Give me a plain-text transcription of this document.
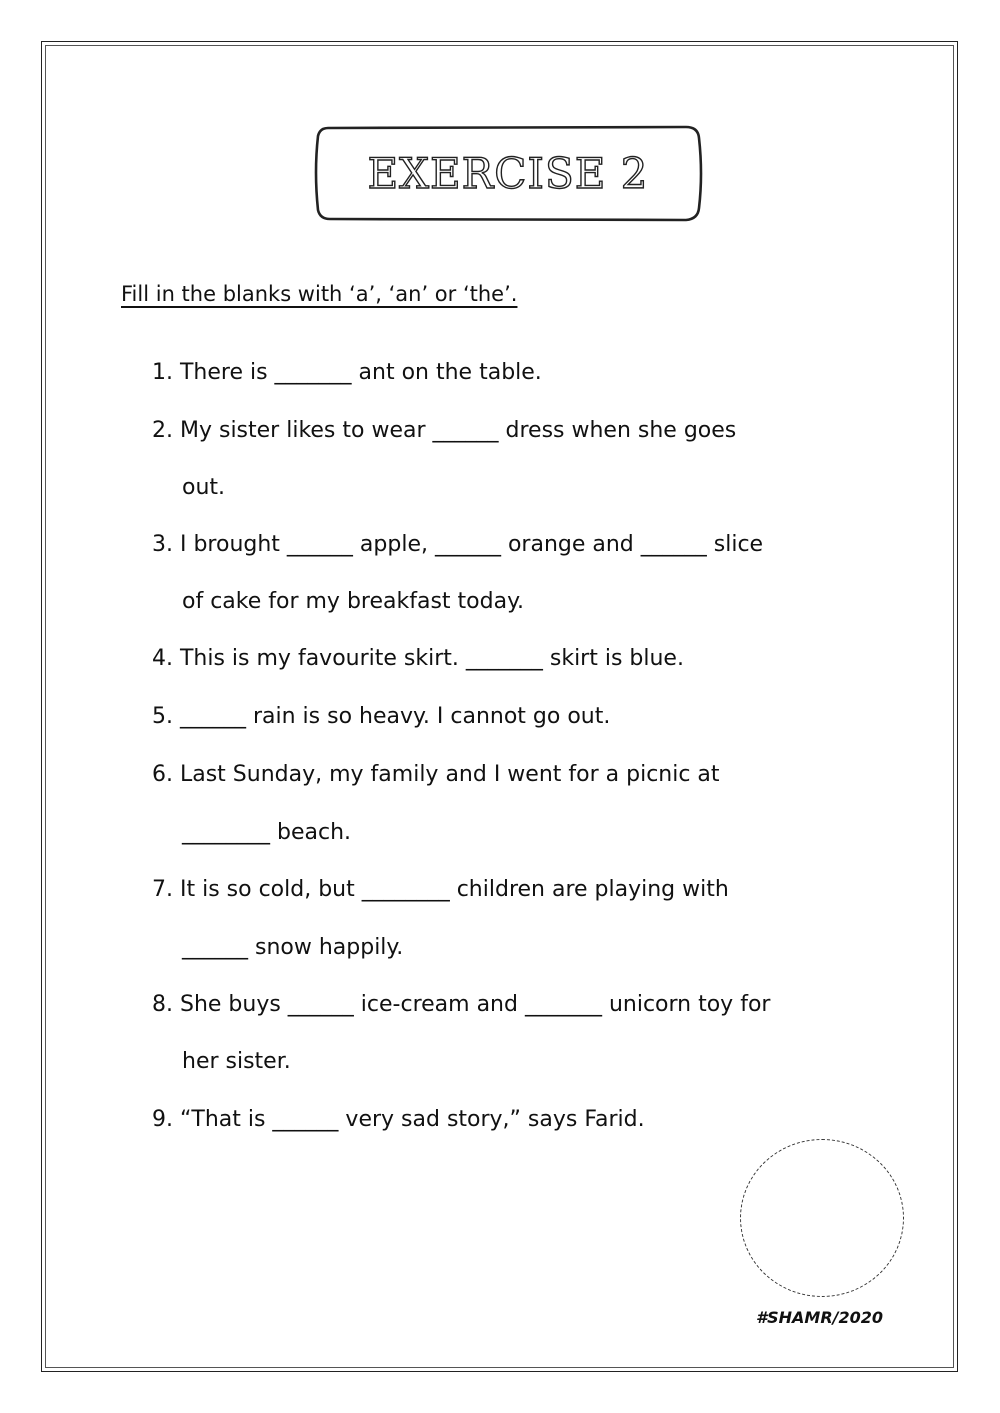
EXERCISE 2
Fill in the blanks with ‘a’, ‘an’ or ‘the’.
1. There is _______ ant on the table.
2. My sister likes to wear ______ dress when she goes
out.
3. I brought ______ apple, ______ orange and ______ slice
of cake for my breakfast today.
4. This is my favourite skirt. _______ skirt is blue.
5. ______ rain is so heavy. I cannot go out.
6. Last Sunday, my family and I went for a picnic at
________ beach.
7. It is so cold, but ________ children are playing with
______ snow happily.
8. She buys ______ ice-cream and _______ unicorn toy for
her sister.
9. “That is ______ very sad story,” says Farid.
#SHAMR/2020
